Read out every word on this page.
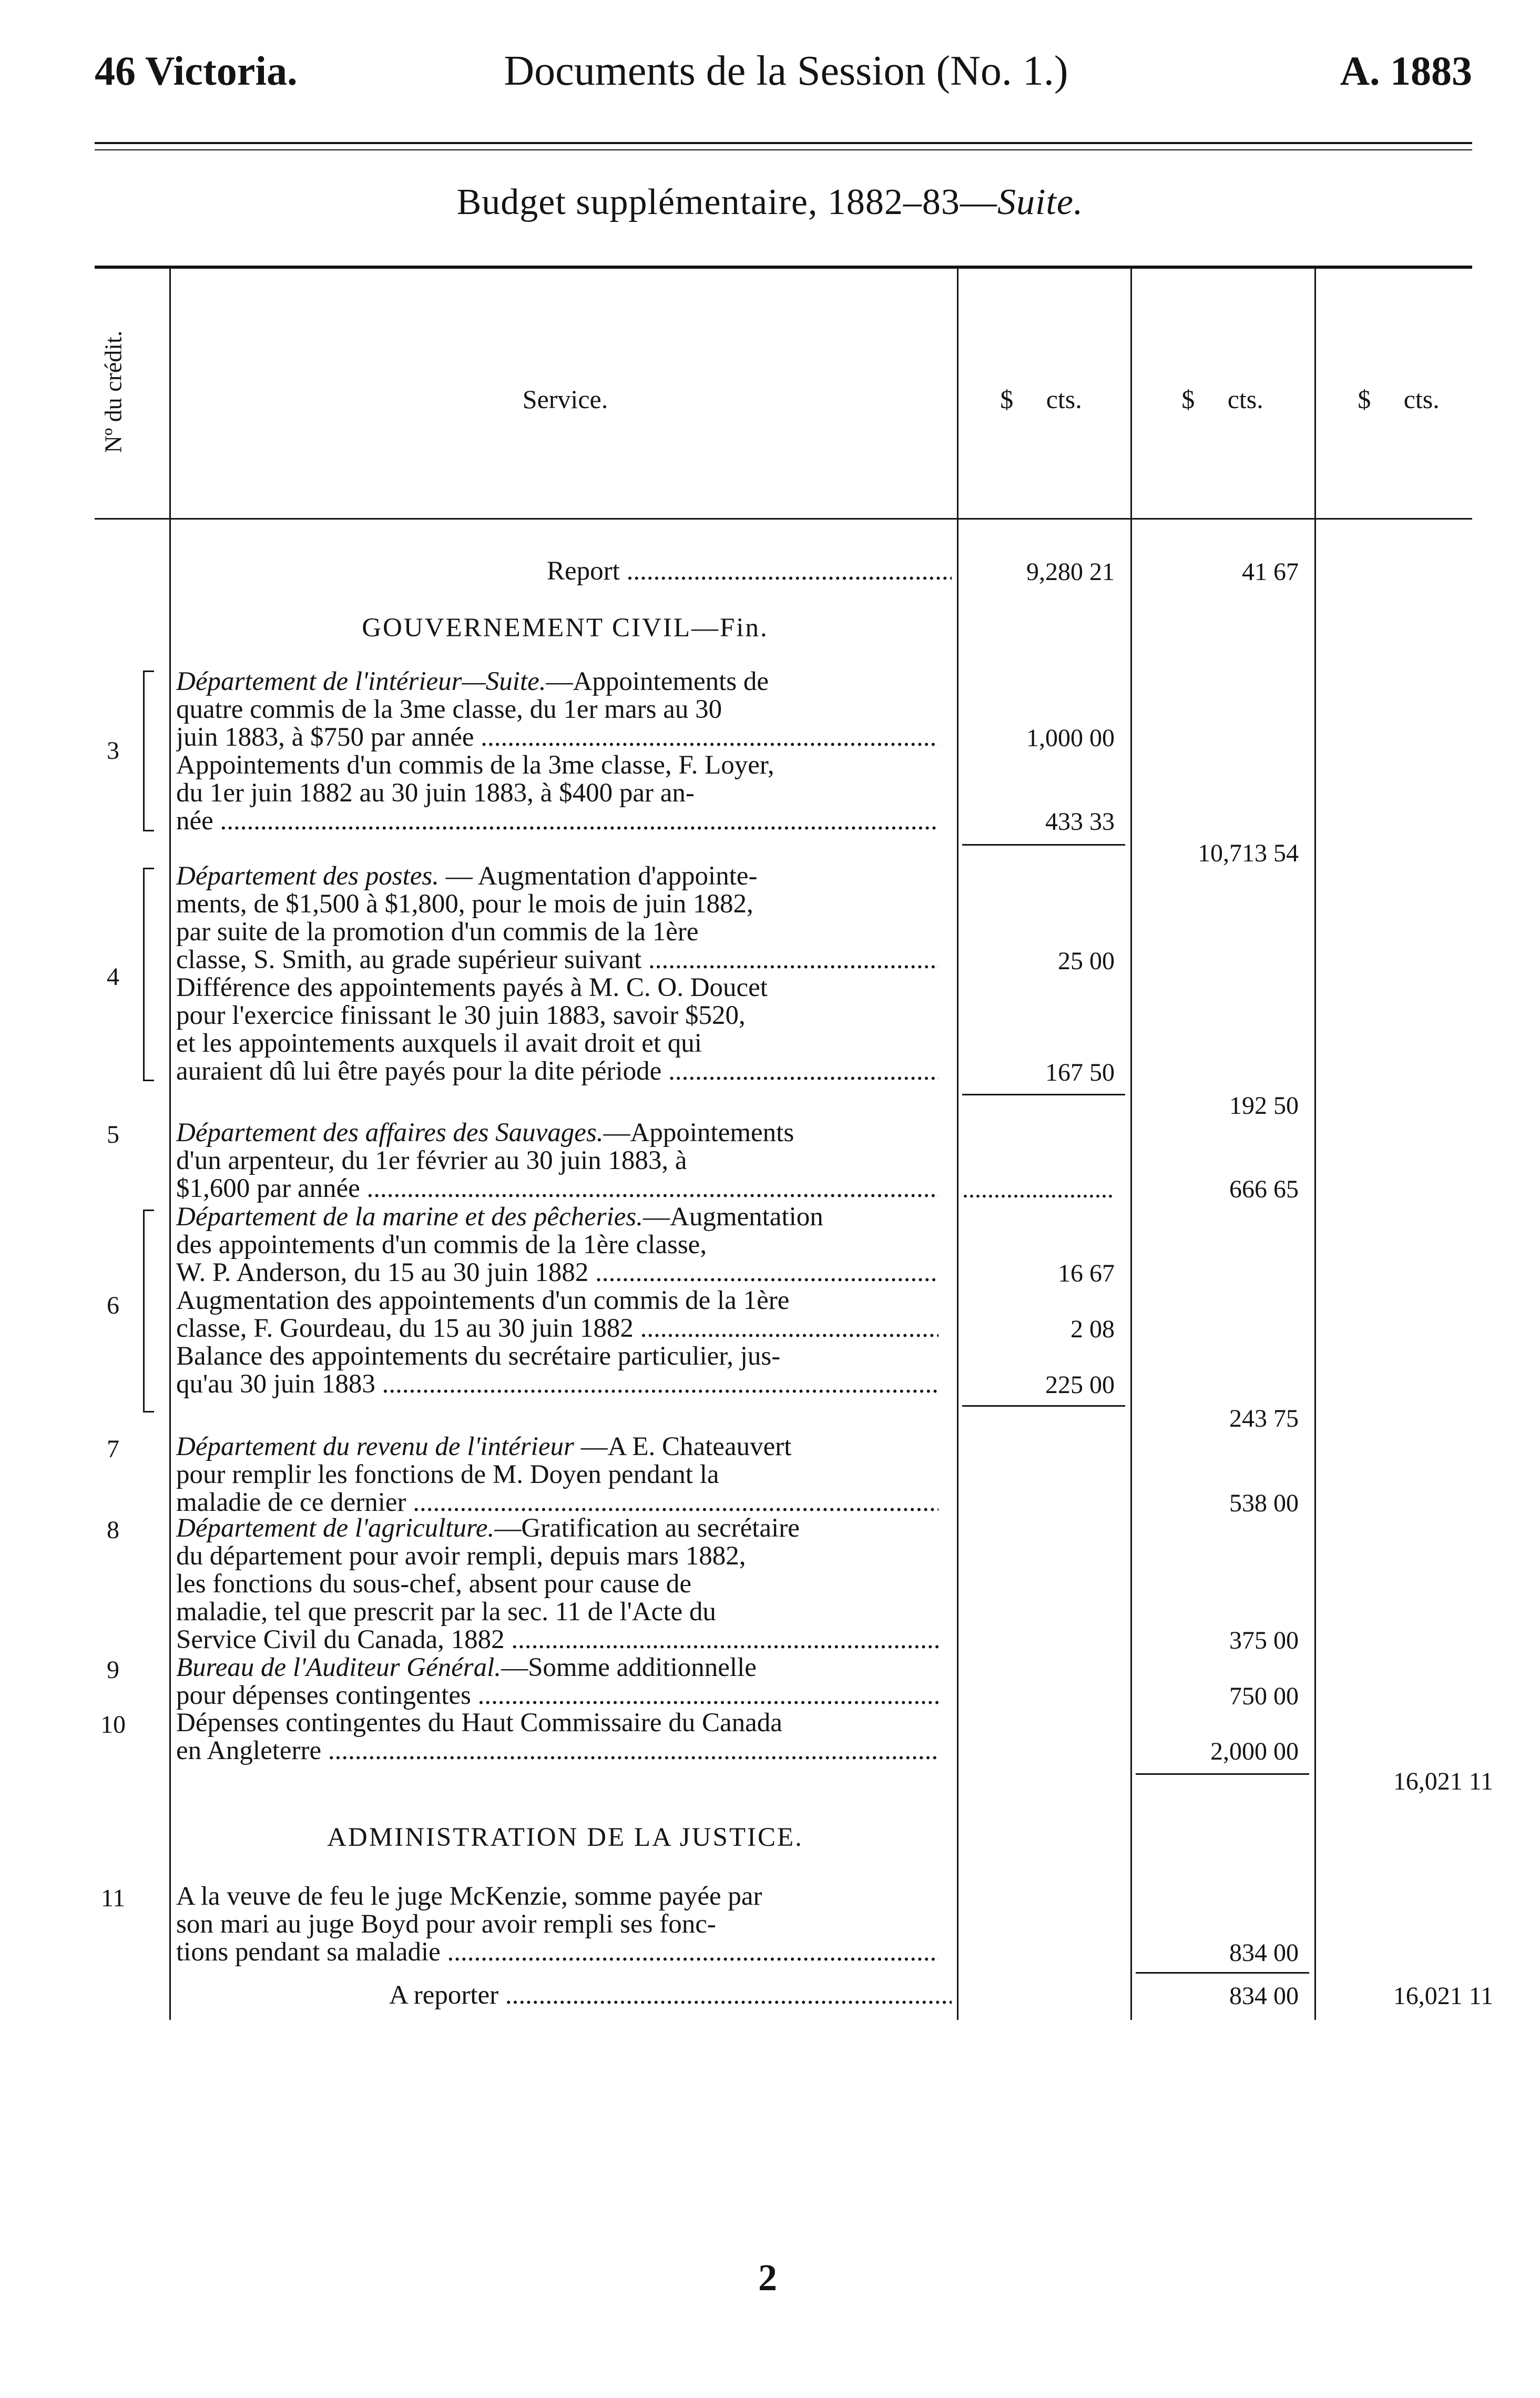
46 Victoria.	Documents de la Session (No. 1.)	A. 1883
Budget supplémentaire, 1882–83—Suite.
Nº du crédit.	Service.	$     cts.	$     cts.	$     cts.
Report .....	9,280 21	41 67
GOUVERNEMENT CIVIL—Fin.
3
Département de l'intérieur—Suite.—Appointements de
quatre commis de la 3me classe, du 1er mars au 30
juin 1883, à $750 par année .....
Appointements d'un commis de la 3me classe, F. Loyer,
du 1er juin 1882 au 30 juin 1883, à $400 par an-
née .....
1,000 00
433 33
10,713 54
4
Département des postes. — Augmentation d'appointe-
ments, de $1,500 à $1,800, pour le mois de juin 1882,
par suite de la promotion d'un commis de la 1ère
classe, S. Smith, au grade supérieur suivant .....
Différence des appointements payés à M. C. O. Doucet
pour l'exercice finissant le 30 juin 1883, savoir $520,
et les appointements auxquels il avait droit et qui
auraient dû lui être payés pour la dite période .....
25 00
167 50
192 50
5	Département des affaires des Sauvages.—Appointements
d'un arpenteur, du 1er février au 30 juin 1883, à
$1,600 par année .....
.....	666 65
6
Département de la marine et des pêcheries.—Augmentation
des appointements d'un commis de la 1ère classe,
W. P. Anderson, du 15 au 30 juin 1882 .....
Augmentation des appointements d'un commis de la 1ère
classe, F. Gourdeau, du 15 au 30 juin 1882 .....
Balance des appointements du secrétaire particulier, jus-
qu'au 30 juin 1883 .....
16 67
2 08
225 00
243 75
7	Département du revenu de l'intérieur —A E. Chateauvert
pour remplir les fonctions de M. Doyen pendant la
maladie de ce dernier .....	538 00
8	Département de l'agriculture.—Gratification au secrétaire
du département pour avoir rempli, depuis mars 1882,
les fonctions du sous-chef, absent pour cause de
maladie, tel que prescrit par la sec. 11 de l'Acte du
Service Civil du Canada, 1882 .....	375 00
9	Bureau de l'Auditeur Général.—Somme additionnelle
pour dépenses contingentes .....	750 00
10	Dépenses contingentes du Haut Commissaire du Canada
en Angleterre .....	2,000 00
16,021 11
ADMINISTRATION DE LA JUSTICE.
11	A la veuve de feu le juge McKenzie, somme payée par
son mari au juge Boyd pour avoir rempli ses fonc-
tions pendant sa maladie .....	834 00
A reporter .....	834 00	16,021 11
2
